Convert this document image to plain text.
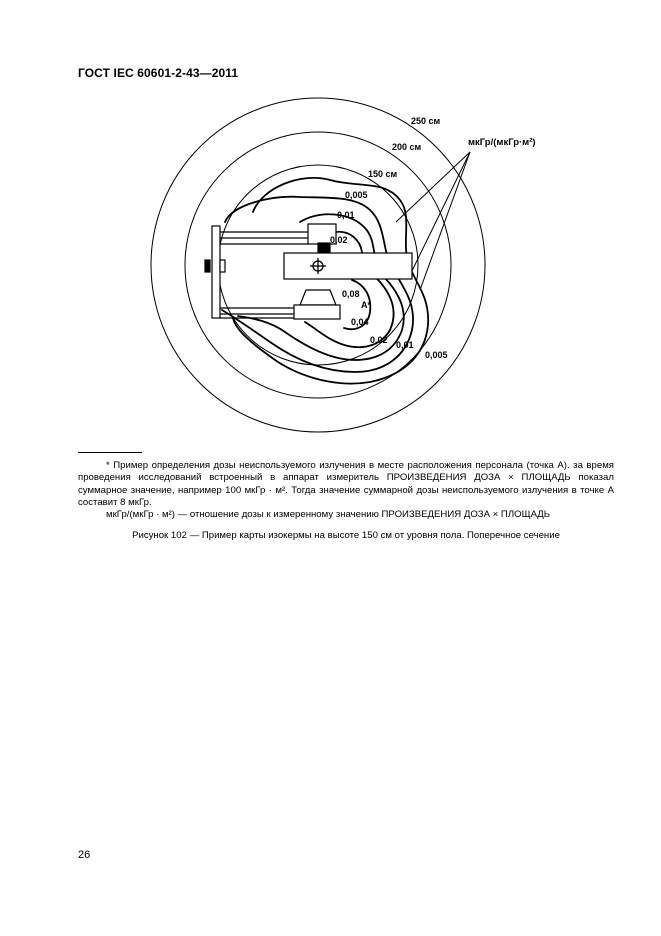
ГОСТ IEC 60601-2-43—2011
250 см
200 см
150 см
мкГр/(мкГр·м²)
0,005
0,01
0,02
0,08
A*
0,04
0,02 0,01
0,005

* Пример определения дозы неиспользуемого излучения в месте расположения персонала (точка А). за время проведения исследований встроенный в аппарат измеритель ПРОИЗВЕДЕНИЯ ДОЗА × ПЛОЩАДЬ показал суммарное значение, например 100 мкГр · м². Тогда значение суммарной дозы неиспользуемого излучения в точке А составит 8 мкГр.

мкГр/(мкГр · м²) — отношение дозы к измеренному значению ПРОИЗВЕДЕНИЯ ДОЗА × ПЛОЩАДЬ

Рисунок 102 — Пример карты изокермы на высоте 150 см от уровня пола. Поперечное сечение
26
